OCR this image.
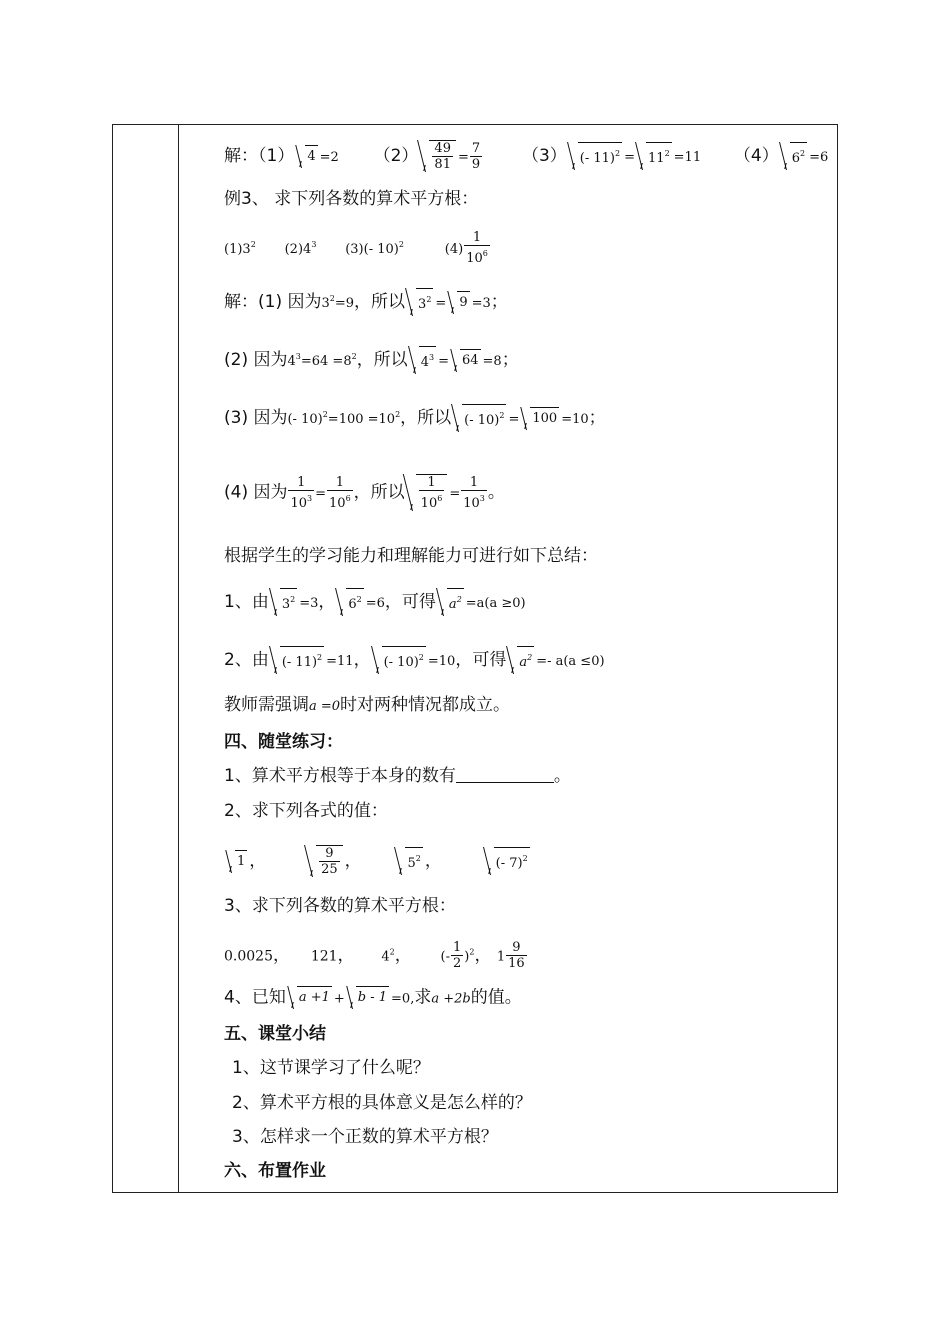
解：（1） 4 =2 $(2) \frac{49}{81} = \frac{7}{9} (3)$ (- $11)^2 = 11^2 =11$ （4） $6^2 =6$
例3、 求下列各数的算术平方根：
$(1)3^2$ $(2)4^3$ (3)(- 10)$^2$	$(4) \frac{1}{10^6}$
解：(1) 因为$3^2=9$，所以 $3^2 = 9 =3$；
(2) 因为$4^3=64 =8^2$，所以 $4^3 = 64 =8$；
(3) 因为(- $10)^2=100 =10^2$，所以 (- 10)$^2$ = 100 =10；
(4) 因为 $\frac{1}{10^3} = \frac{1}{10^6}$ ，所以 $\frac{1}{10^6} = \frac{1}{10^3}$ 。
根据学生的学习能力和理解能力可进行如下总结：
1、由 $3^2 =3$， $6^2 =6$，可得 $a^2 =a(a \ge 0)$
2、由 (- 11)$^2$ =11， (- 10)$^2$ =10，可得 $a^2 =- a(a \le 0)$
教师需强调a =0时对两种情况都成立。
四、随堂练习：
1、算术平方根等于本身的数有	。
2、求下列各式的值：
1 ，	$\frac{9}{25}$ ，	$5^2$ ，	(- 7)$^2$
3、求下列各数的算术平方根：
0.0025， 121， $4^2$， (- $\frac{1}{2} )^2$， $1 \frac{9}{16}$
4、已知 a +1 + b - 1 =0,求a +2b的值。
五、课堂小结
1、这节课学习了什么呢？
2、算术平方根的具体意义是怎么样的？
3、怎样求一个正数的算术平方根？
六、布置作业
